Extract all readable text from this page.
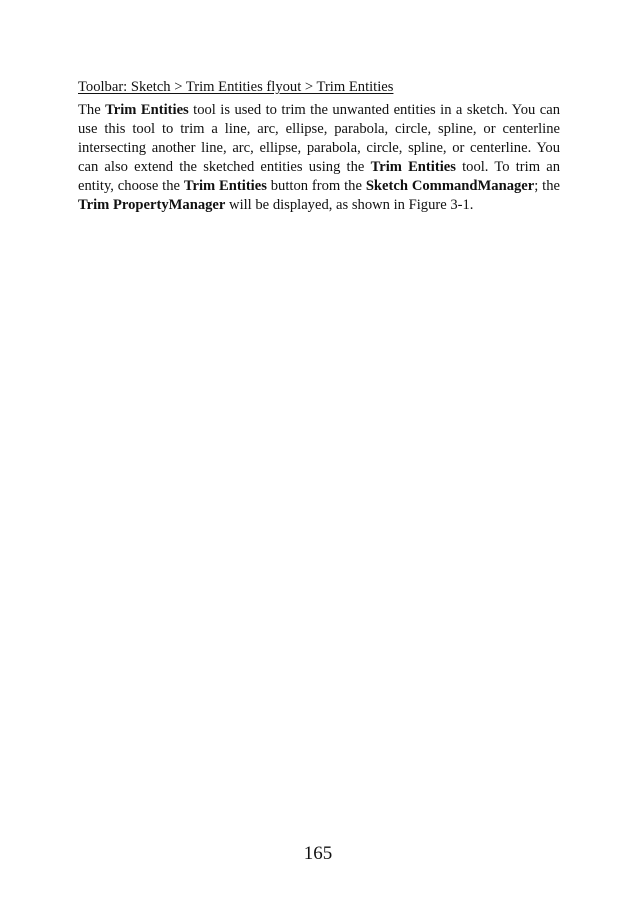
Toolbar: Sketch > Trim Entities flyout > Trim Entities

The Trim Entities tool is used to trim the unwanted entities in a sketch. You can use this tool to trim a line, arc, ellipse, parabola, circle, spline, or centerline intersecting another line, arc, ellipse, parabola, circle, spline, or centerline. You can also extend the sketched entities using the Trim Entities tool. To trim an entity, choose the Trim Entities button from the Sketch CommandManager; the Trim PropertyManager will be displayed, as shown in Figure 3-1.

165
